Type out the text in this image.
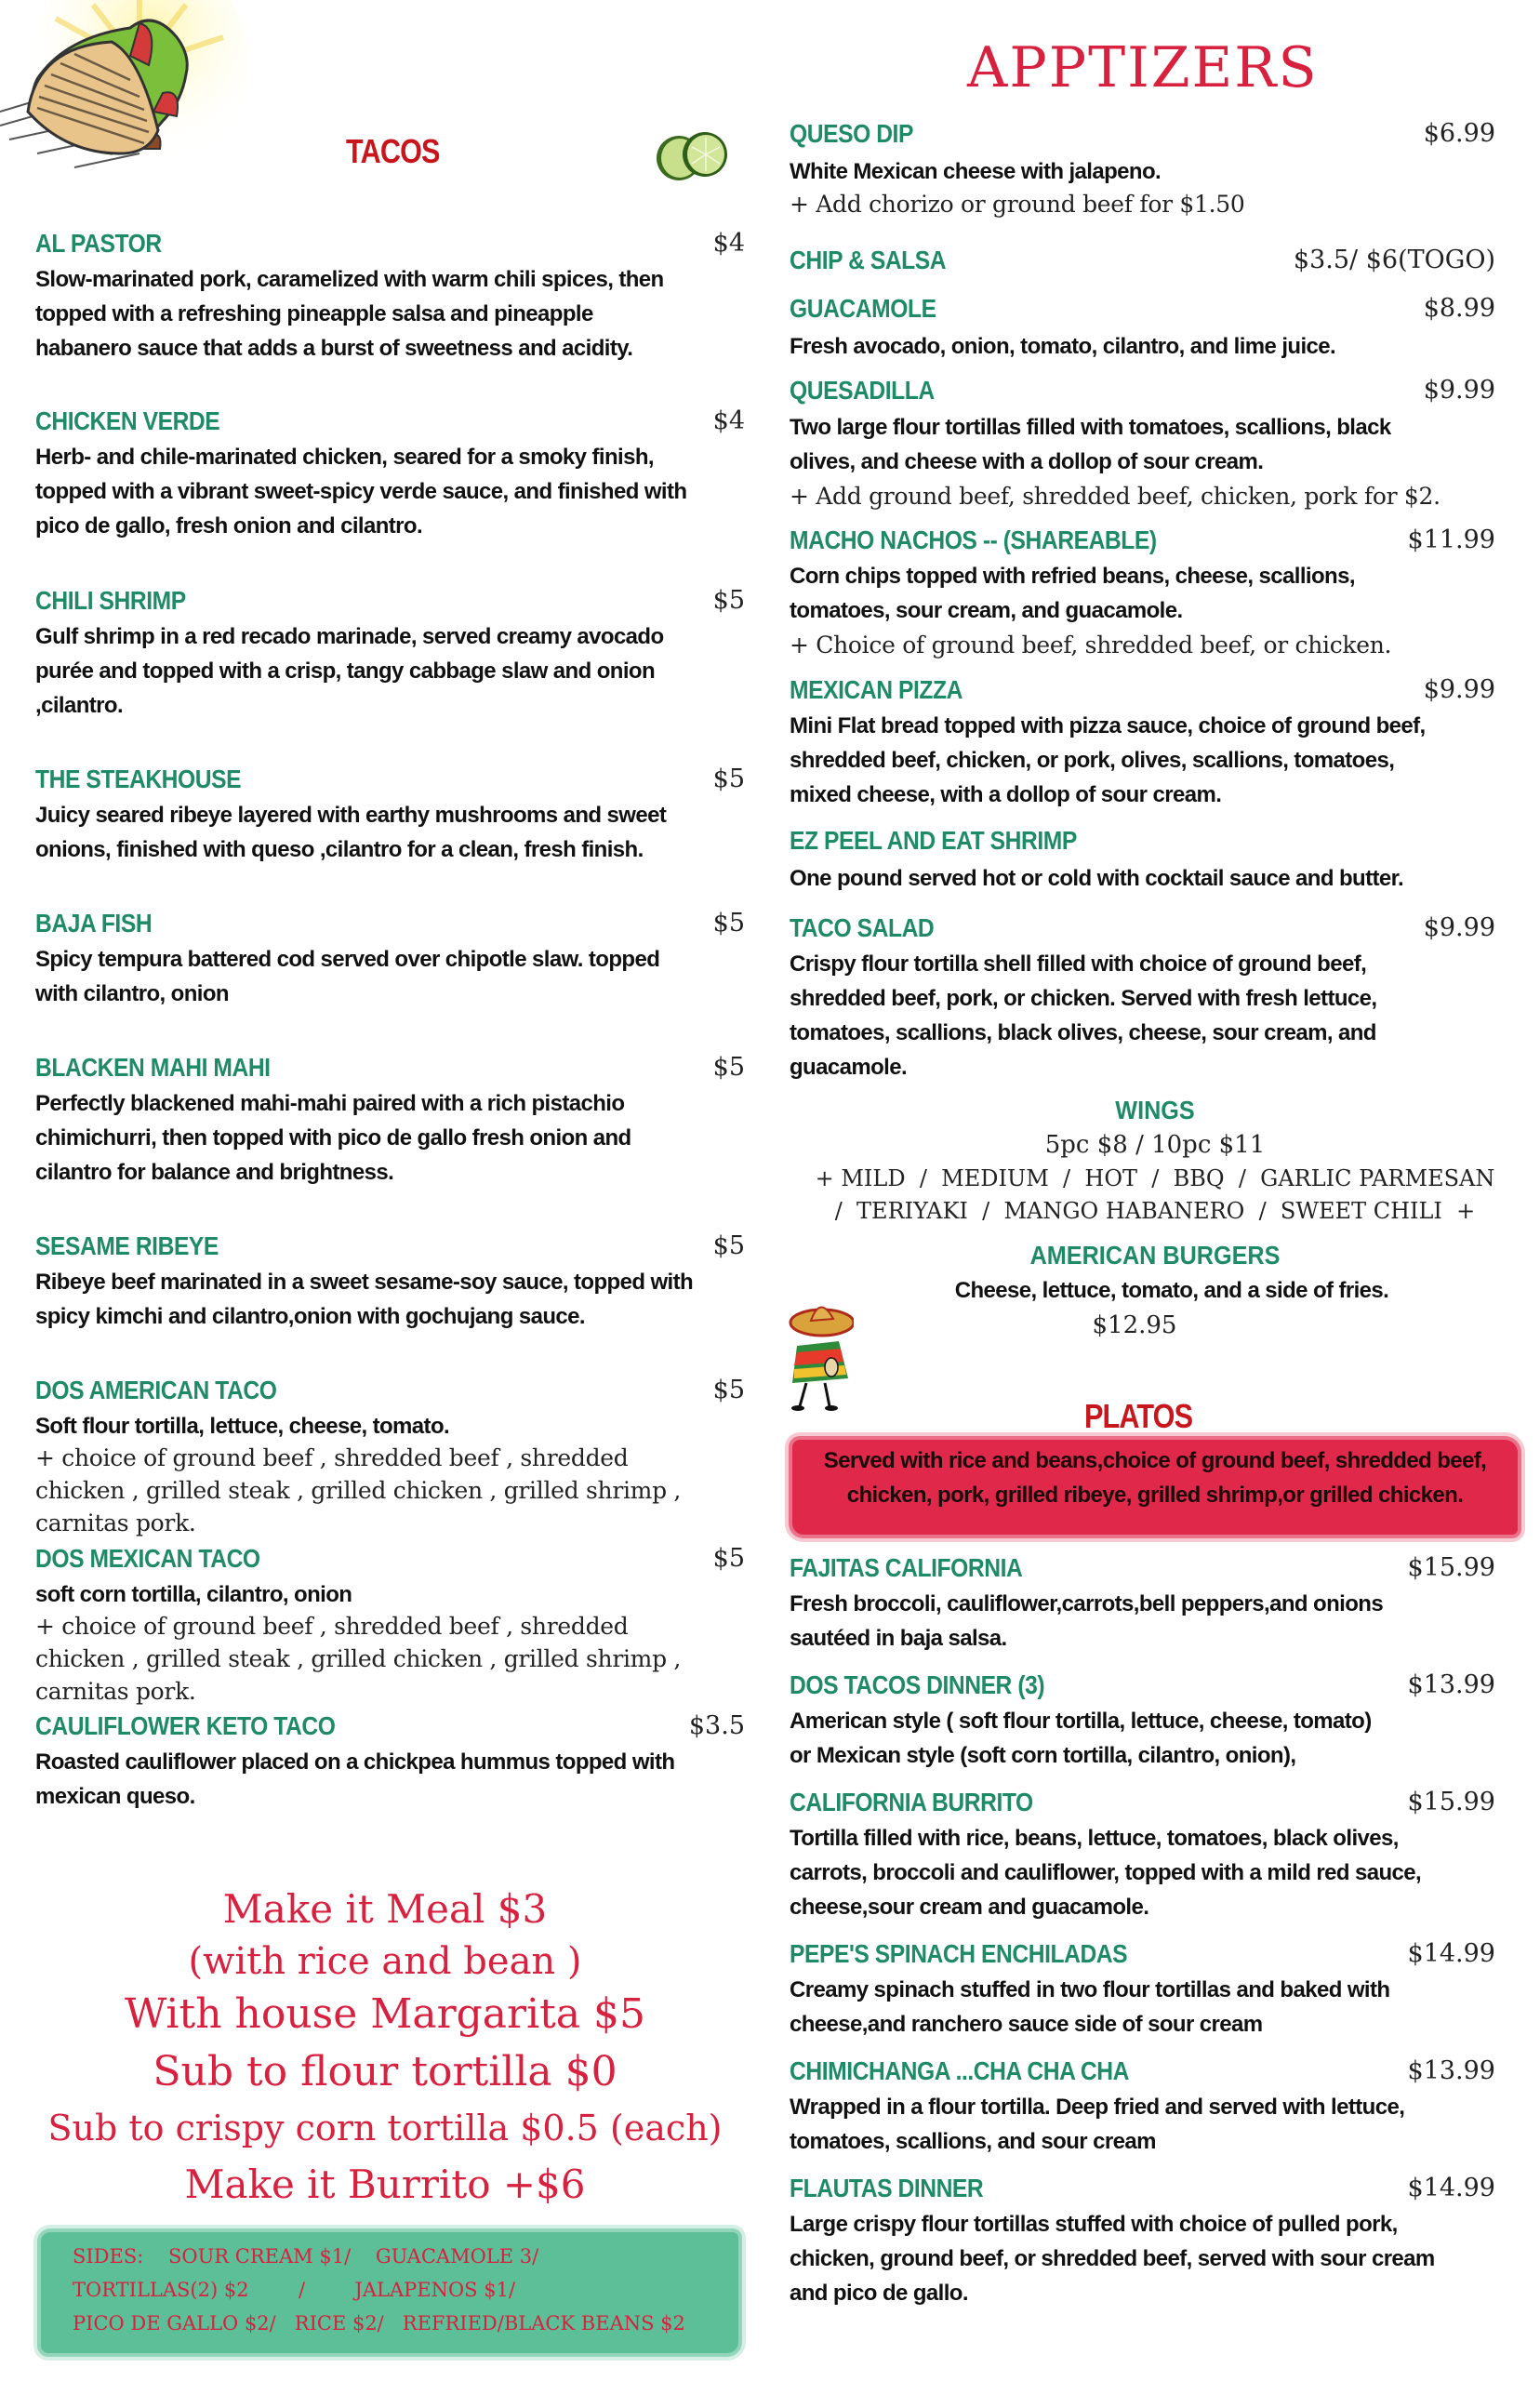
TACOS
AL PASTOR	$4
Slow-marinated pork, caramelized with warm chili spices, then
topped with a refreshing pineapple salsa and pineapple
habanero sauce that adds a burst of sweetness and acidity.
CHICKEN VERDE	$4
Herb- and chile-marinated chicken, seared for a smoky finish,
topped with a vibrant sweet-spicy verde sauce, and finished with
pico de gallo, fresh onion and cilantro.
CHILI SHRIMP	$5
Gulf shrimp in a red recado marinade, served creamy avocado
purée and topped with a crisp, tangy cabbage slaw and onion
,cilantro.
THE STEAKHOUSE	$5
Juicy seared ribeye layered with earthy mushrooms and sweet
onions, finished with queso ,cilantro for a clean, fresh finish.
BAJA FISH	$5
Spicy tempura battered cod served over chipotle slaw. topped
with cilantro, onion
BLACKEN MAHI MAHI	$5
Perfectly blackened mahi-mahi paired with a rich pistachio
chimichurri, then topped with pico de gallo fresh onion and
cilantro for balance and brightness.
SESAME RIBEYE	$5
Ribeye beef marinated in a sweet sesame-soy sauce, topped with
spicy kimchi and cilantro,onion with gochujang sauce.
DOS AMERICAN TACO	$5
Soft flour tortilla, lettuce, cheese, tomato.
+ choice of ground beef , shredded beef , shredded
chicken , grilled steak , grilled chicken , grilled shrimp ,
carnitas pork.
DOS MEXICAN TACO	$5
soft corn tortilla, cilantro, onion
+ choice of ground beef , shredded beef , shredded
chicken , grilled steak , grilled chicken , grilled shrimp ,
carnitas pork.
CAULIFLOWER KETO TACO	$3.5
Roasted cauliflower placed on a chickpea hummus topped with
mexican queso.
Make it Meal $3
(with rice and bean )
With house Margarita $5
Sub to flour tortilla $0
Sub to crispy corn tortilla $0.5 (each)
Make it Burrito +$6
SIDES:    SOUR CREAM $1/    GUACAMOLE 3/
TORTILLAS(2) $2        /        JALAPENOS $1/
PICO DE GALLO $2/   RICE $2/   REFRIED/BLACK BEANS $2
APPTIZERS
QUESO DIP	$6.99
White Mexican cheese with jalapeno.
+ Add chorizo or ground beef for $1.50
CHIP & SALSA	$3.5/ $6(TOGO)
GUACAMOLE	$8.99
Fresh avocado, onion, tomato, cilantro, and lime juice.
QUESADILLA	$9.99
Two large flour tortillas filled with tomatoes, scallions, black
olives, and cheese with a dollop of sour cream.
+ Add ground beef, shredded beef, chicken, pork for $2.
MACHO NACHOS -- (SHAREABLE)	$11.99
Corn chips topped with refried beans, cheese, scallions,
tomatoes, sour cream, and guacamole.
+ Choice of ground beef, shredded beef, or chicken.
MEXICAN PIZZA	$9.99
Mini Flat bread topped with pizza sauce, choice of ground beef,
shredded beef, chicken, or pork, olives, scallions, tomatoes,
mixed cheese, with a dollop of sour cream.
EZ PEEL AND EAT SHRIMP
One pound served hot or cold with cocktail sauce and butter.
TACO SALAD	$9.99
Crispy flour tortilla shell filled with choice of ground beef,
shredded beef, pork, or chicken. Served with fresh lettuce,
tomatoes, scallions, black olives, cheese, sour cream, and
guacamole.
WINGS
5pc $8 / 10pc $11
+ MILD  /  MEDIUM  /  HOT  /  BBQ  /  GARLIC PARMESAN
/  TERIYAKI  /  MANGO HABANERO  /  SWEET CHILI  +
AMERICAN BURGERS
Cheese, lettuce, tomato, and a side of fries.
$12.95
PLATOS
Served with rice and beans,choice of ground beef, shredded beef,
chicken, pork, grilled ribeye, grilled shrimp,or grilled chicken.
FAJITAS CALIFORNIA	$15.99
Fresh broccoli, cauliflower,carrots,bell peppers,and onions
sautéed in baja salsa.
DOS TACOS DINNER (3)	$13.99
American style ( soft flour tortilla, lettuce, cheese, tomato)
or Mexican style (soft corn tortilla, cilantro, onion),
CALIFORNIA BURRITO	$15.99
Tortilla filled with rice, beans, lettuce, tomatoes, black olives,
carrots, broccoli and cauliflower, topped with a mild red sauce,
cheese,sour cream and guacamole.
PEPE'S SPINACH ENCHILADAS	$14.99
Creamy spinach stuffed in two flour tortillas and baked with
cheese,and ranchero sauce side of sour cream
CHIMICHANGA ...CHA CHA CHA	$13.99
Wrapped in a flour tortilla. Deep fried and served with lettuce,
tomatoes, scallions, and sour cream
FLAUTAS DINNER	$14.99
Large crispy flour tortillas stuffed with choice of pulled pork,
chicken, ground beef, or shredded beef, served with sour cream
and pico de gallo.
